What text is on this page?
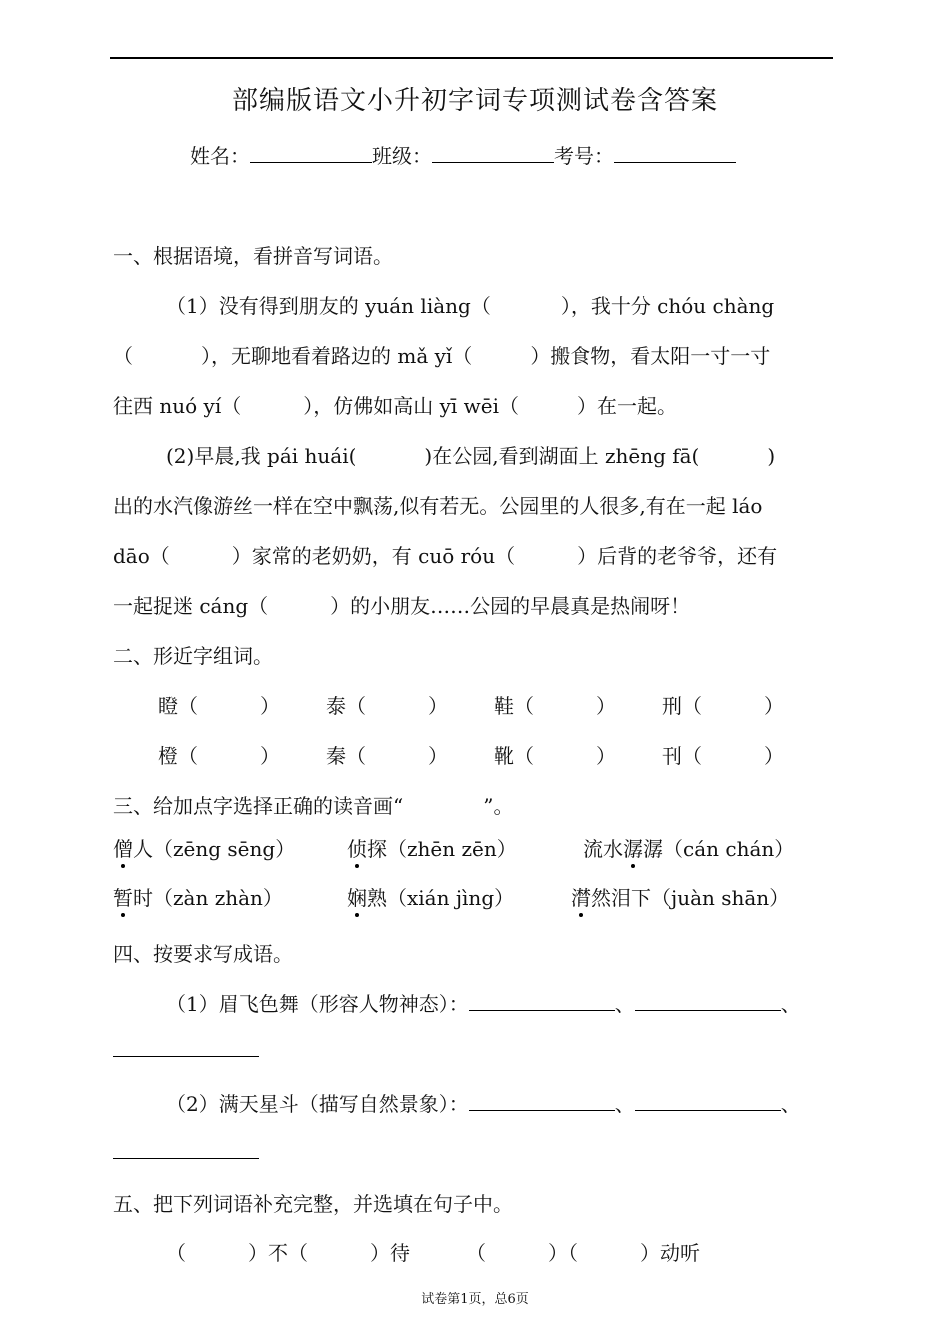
部编版语文小升初字词专项测试卷含答案
姓名：	班级：	考号：
一、根据语境，看拼音写词语。
（1）没有得到朋友的 yuán liàng（	），我十分 chóu chàng
（	），无聊地看着路边的 mǎ yǐ（	）搬食物，看太阳一寸一寸
往西 nuó yí（	），仿佛如高山 yī wēi（	）在一起。
(2)早晨,我 pái huái(	)在公园,看到湖面上 zhēng fā(	)
出的水汽像游丝一样在空中飘荡,似有若无。公园里的人很多,有在一起 láo
dāo（	）家常的老奶奶，有 cuō róu（	）后背的老爷爷，还有
一起捉迷 cáng（	）的小朋友……公园的早晨真是热闹呀！
二、形近字组词。
瞪（	） 泰（	） 鞋（	） 刑（	）
橙（	） 秦（	） 靴（	） 刊（	）
三、给加点字选择正确的读音画“	”。
僧人（zēng sēng）	侦探（zhēn zēn）	流水潺潺（cán chán）
暂时（zàn zhàn）	娴熟（xián jìng）	潸然泪下（juàn shān）
四、按要求写成语。
（1）眉飞色舞（形容人物神态）：	、	、
（2）满天星斗（描写自然景象）：	、	、
五、把下列词语补充完整，并选填在句子中。
（	）不（	）待	（	）（	）动听
试卷第1页，总6页
